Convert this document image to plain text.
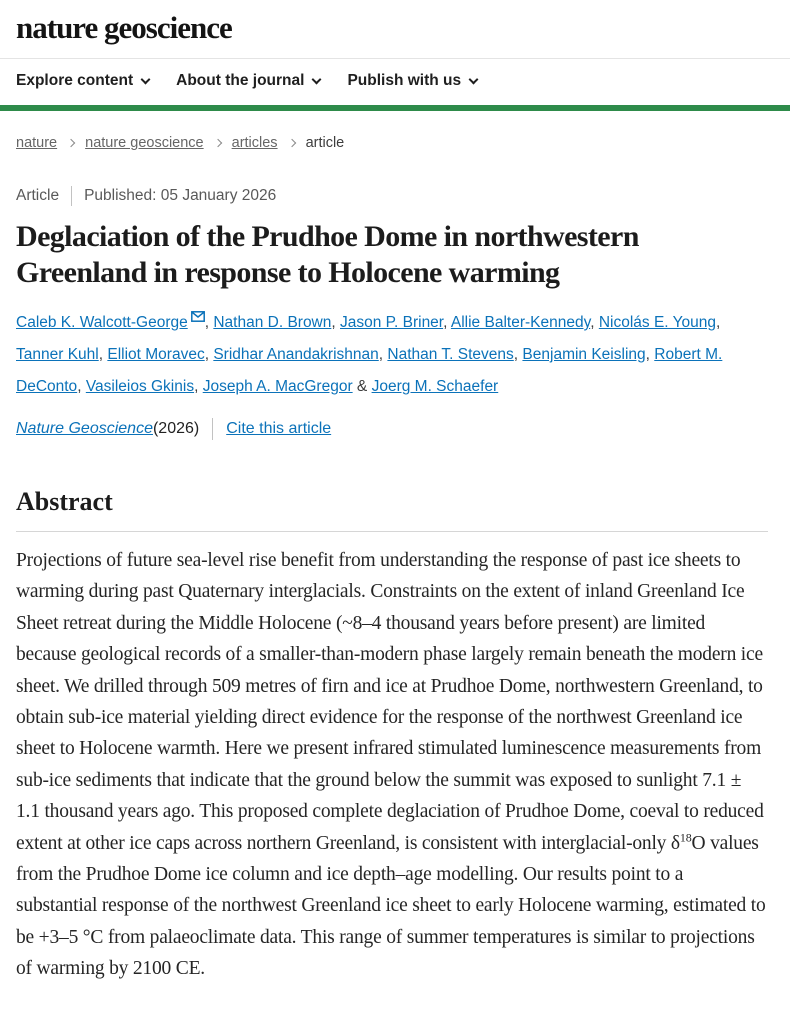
nature geoscience
Explore content	About the journal	Publish with us
nature nature geoscience articles article
Article Published: 05 January 2026
Deglaciation of the Prudhoe Dome in northwestern Greenland in response to Holocene warming

Caleb K. Walcott-George , Nathan D. Brown, Jason P. Briner, Allie Balter-Kennedy, Nicolás E. Young, Tanner Kuhl, Elliot Moravec, Sridhar Anandakrishnan, Nathan T. Stevens, Benjamin Keisling, Robert M. DeConto, Vasileios Gkinis, Joseph A. MacGregor & Joerg M. Schaefer

Nature Geoscience (2026) Cite this article
Abstract

Projections of future sea-level rise benefit from understanding the response of past ice sheets to warming during past Quaternary interglacials. Constraints on the extent of inland Greenland Ice Sheet retreat during the Middle Holocene (~8–4 thousand years before present) are limited because geological records of a smaller-than-modern phase largely remain beneath the modern ice sheet. We drilled through 509 metres of firn and ice at Prudhoe Dome, northwestern Greenland, to obtain sub-ice material yielding direct evidence for the response of the northwest Greenland ice sheet to Holocene warmth. Here we present infrared stimulated luminescence measurements from sub-ice sediments that indicate that the ground below the summit was exposed to sunlight 7.1 ± 1.1 thousand years ago. This proposed complete deglaciation of Prudhoe Dome, coeval to reduced extent at other ice caps across northern Greenland, is consistent with interglacial-only $\delta^{18}O$ values from the Prudhoe Dome ice column and ice depth–age modelling. Our results point to a substantial response of the northwest Greenland ice sheet to early Holocene warming, estimated to be +3–5 °C from palaeoclimate data. This range of summer temperatures is similar to projections of warming by 2100 CE.
